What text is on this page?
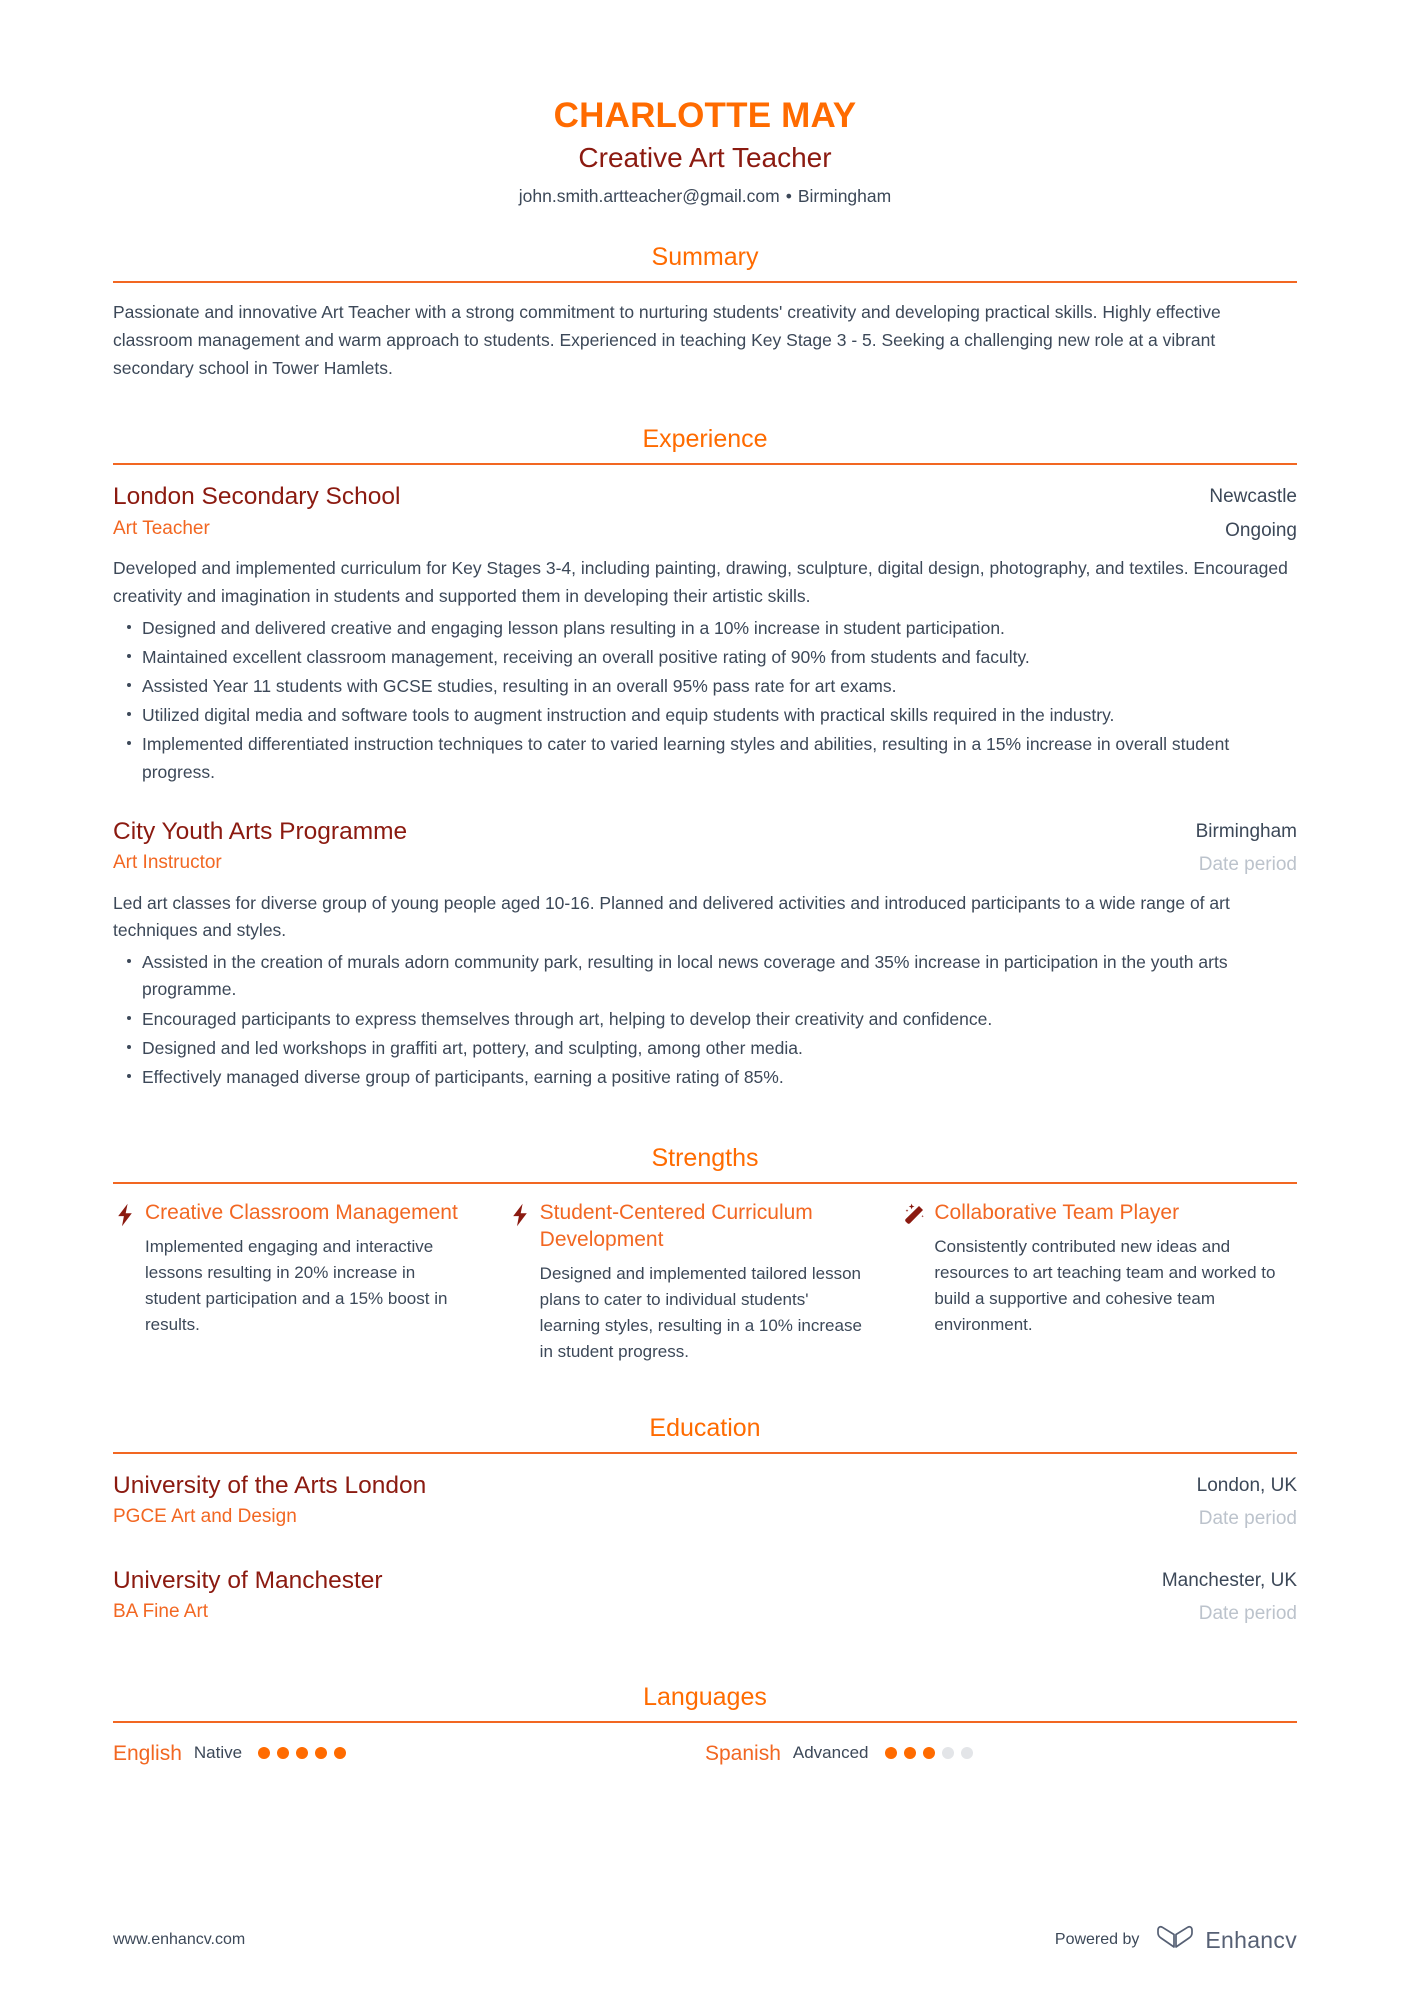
CHARLOTTE MAY
Creative Art Teacher
john.smith.artteacher@gmail.com • Birmingham
Summary
Passionate and innovative Art Teacher with a strong commitment to nurturing students' creativity and developing practical skills. Highly effective classroom management and warm approach to students. Experienced in teaching Key Stage 3 - 5. Seeking a challenging new role at a vibrant secondary school in Tower Hamlets.
Experience
London Secondary School
Art Teacher
Newcastle
Ongoing
Developed and implemented curriculum for Key Stages 3-4, including painting, drawing, sculpture, digital design, photography, and textiles. Encouraged creativity and imagination in students and supported them in developing their artistic skills.
Designed and delivered creative and engaging lesson plans resulting in a 10% increase in student participation.
Maintained excellent classroom management, receiving an overall positive rating of 90% from students and faculty.
Assisted Year 11 students with GCSE studies, resulting in an overall 95% pass rate for art exams.
Utilized digital media and software tools to augment instruction and equip students with practical skills required in the industry.
Implemented differentiated instruction techniques to cater to varied learning styles and abilities, resulting in a 15% increase in overall student progress.
City Youth Arts Programme
Art Instructor
Birmingham
Date period
Led art classes for diverse group of young people aged 10-16. Planned and delivered activities and introduced participants to a wide range of art techniques and styles.
Assisted in the creation of murals adorn community park, resulting in local news coverage and 35% increase in participation in the youth arts programme.
Encouraged participants to express themselves through art, helping to develop their creativity and confidence.
Designed and led workshops in graffiti art, pottery, and sculpting, among other media.
Effectively managed diverse group of participants, earning a positive rating of 85%.
Strengths
Creative Classroom Management
Implemented engaging and interactive lessons resulting in 20% increase in student participation and a 15% boost in results.
Student-Centered Curriculum Development
Designed and implemented tailored lesson plans to cater to individual students' learning styles, resulting in a 10% increase in student progress.
Collaborative Team Player
Consistently contributed new ideas and resources to art teaching team and worked to build a supportive and cohesive team environment.
Education
University of the Arts London
PGCE Art and Design
London, UK
Date period
University of Manchester
BA Fine Art
Manchester, UK
Date period
Languages
English Native	Spanish Advanced
www.enhancv.com	Powered by	Enhancv
